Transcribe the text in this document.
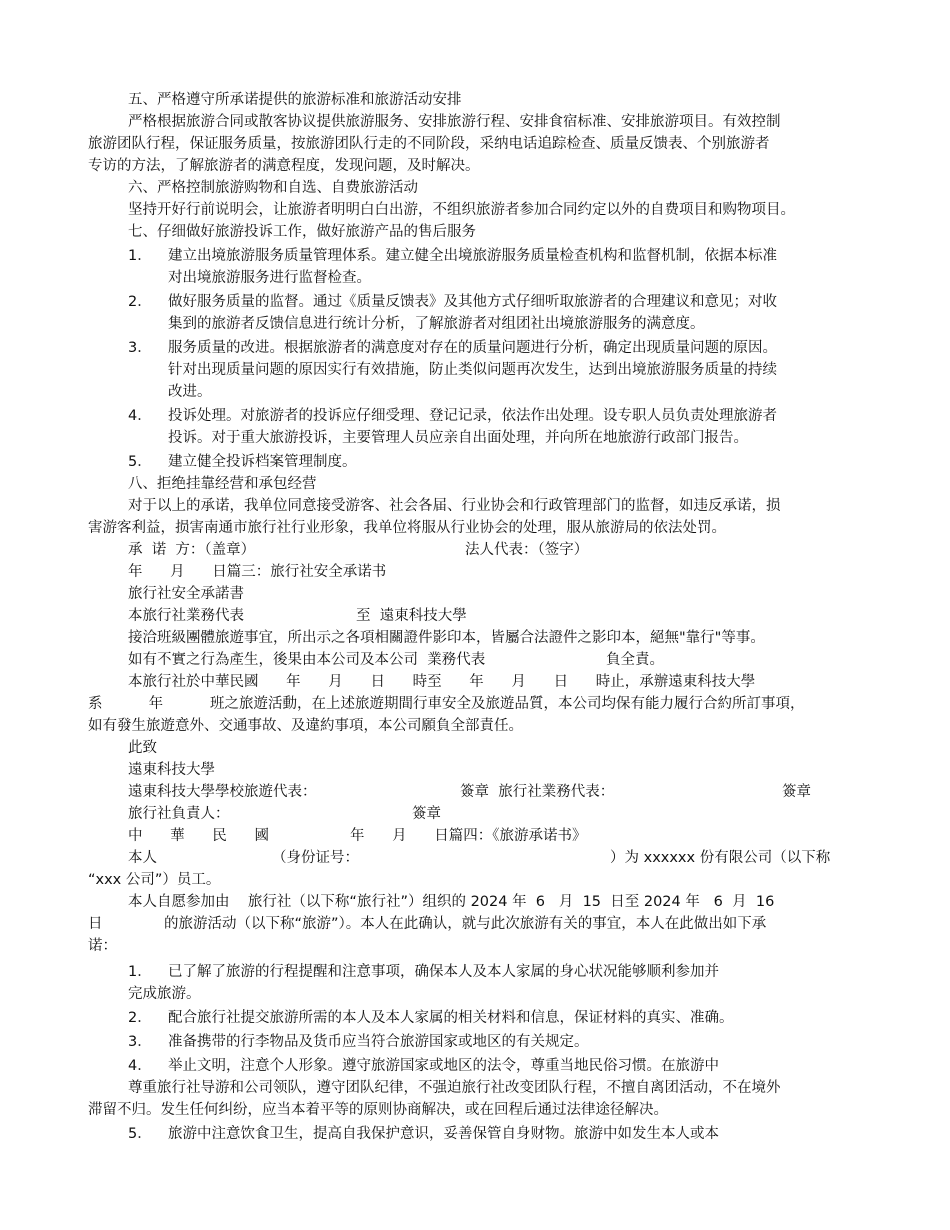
五、严格遵守所承诺提供的旅游标准和旅游活动安排
严格根据旅游合同或散客协议提供旅游服务、安排旅游行程、安排食宿标准、安排旅游项目。有效控制
旅游团队行程，保证服务质量，按旅游团队行走的不同阶段，采纳电话追踪检查、质量反馈表、个别旅游者
专访的方法，了解旅游者的满意程度，发现问题，及时解决。
六、严格控制旅游购物和自选、自费旅游活动
坚持开好行前说明会，让旅游者明明白白出游，不组织旅游者参加合同约定以外的自费项目和购物项目。
七、仔细做好旅游投诉工作，做好旅游产品的售后服务
1． 建立出境旅游服务质量管理体系。建立健全出境旅游服务质量检查机构和监督机制，依据本标准
对出境旅游服务进行监督检查。
2． 做好服务质量的监督。通过《质量反馈表》及其他方式仔细听取旅游者的合理建议和意见；对收
集到的旅游者反馈信息进行统计分析，了解旅游者对组团社出境旅游服务的满意度。
3． 服务质量的改进。根据旅游者的满意度对存在的质量问题进行分析，确定出现质量问题的原因。
针对出现质量问题的原因实行有效措施，防止类似问题再次发生，达到出境旅游服务质量的持续
改进。
4． 投诉处理。对旅游者的投诉应仔细受理、登记记录，依法作出处理。设专职人员负责处理旅游者
投诉。对于重大旅游投诉，主要管理人员应亲自出面处理，并向所在地旅游行政部门报告。
5． 建立健全投诉档案管理制度。
八、拒绝挂靠经营和承包经营
对于以上的承诺，我单位同意接受游客、社会各届、行业协会和行政管理部门的监督，如违反承诺，损
害游客利益，损害南通市旅行社行业形象，我单位将服从行业协会的处理，服从旅游局的依法处罚。
承  诺  方：（盖章）	法人代表：（签字）
年      月      日篇三：旅行社安全承诺书
旅行社安全承諾書
本旅行社業務代表	至  遠東科技大學
接洽班級團體旅遊事宜，所出示之各項相關證件影印本，皆屬合法證件之影印本，絕無"靠行"等事。
如有不實之行為產生，後果由本公司及本公司  業務代表	負全責。
本旅行社於中華民國      年      月      日      時至      年      月      日      時止，承辦遠東科技大學
系          年	班之旅遊活動，在上述旅遊期間行車安全及旅遊品質，本公司均保有能力履行合約所訂事項，
如有發生旅遊意外、交通事故、及違約事項，本公司願負全部責任。
此致
遠東科技大學
遠東科技大學學校旅遊代表：	簽章  旅行社業務代表：	簽章
旅行社負責人：	簽章
中      華      民      國	年      月      日篇四：《旅游承诺书》
本人	（身份证号：	）为 xxxxxx 份有限公司（以下称
“xxx 公司”）员工。
本人自愿参加由    旅行社（以下称“旅行社”）组织的 2024 年  6   月  15  日至 2024 年   6  月  16
日	的旅游活动（以下称“旅游”）。本人在此确认，就与此次旅游有关的事宜，本人在此做出如下承
诺：
1． 已了解了旅游的行程提醒和注意事项，确保本人及本人家属的身心状况能够顺利参加并
完成旅游。
2． 配合旅行社提交旅游所需的本人及本人家属的相关材料和信息，保证材料的真实、准确。
3． 准备携带的行李物品及货币应当符合旅游国家或地区的有关规定。
4． 举止文明，注意个人形象。遵守旅游国家或地区的法令，尊重当地民俗习惯。在旅游中
尊重旅行社导游和公司领队，遵守团队纪律，不强迫旅行社改变团队行程，不擅自离团活动，不在境外
滞留不归。发生任何纠纷，应当本着平等的原则协商解决，或在回程后通过法律途径解决。
5． 旅游中注意饮食卫生，提高自我保护意识，妥善保管自身财物。旅游中如发生本人或本
